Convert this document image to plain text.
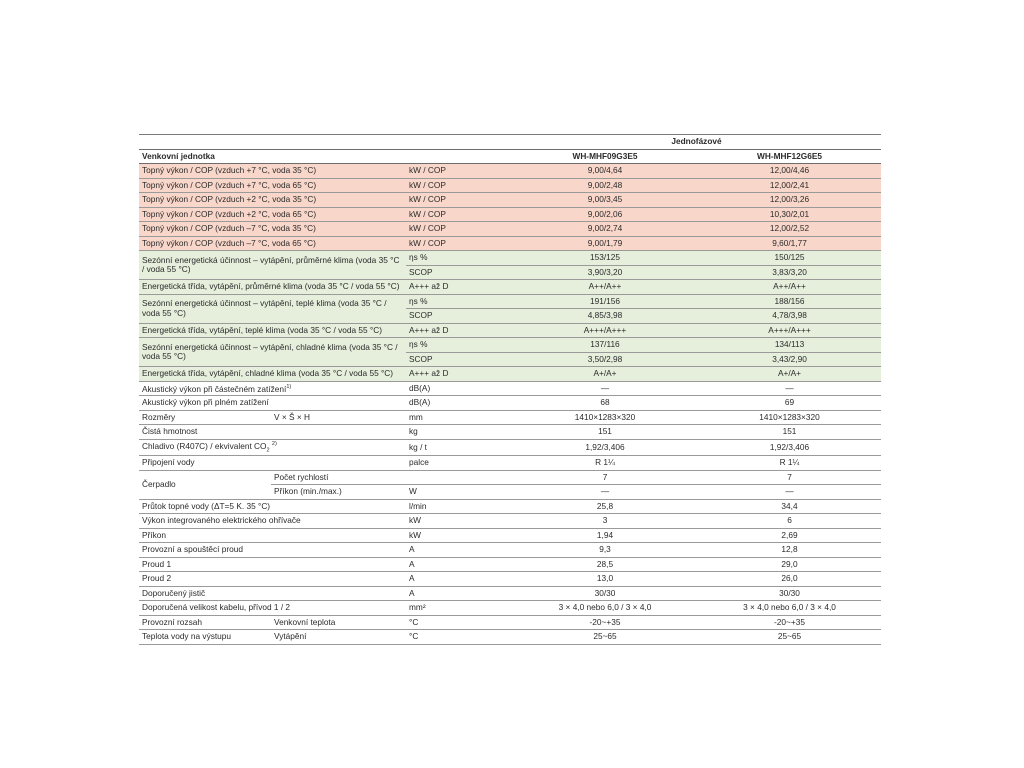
			Jednofázové	
Venkovní jednotka			WH-MHF09G3E5	WH-MHF12G6E5
Topný výkon / COP (vzduch +7 °C, voda 35 °C)		kW / COP	9,00/4,64	12,00/4,46
Topný výkon / COP (vzduch +7 °C, voda 65 °C)		kW / COP	9,00/2,48	12,00/2,41
Topný výkon / COP (vzduch +2 °C, voda 35 °C)		kW / COP	9,00/3,45	12,00/3,26
Topný výkon / COP (vzduch +2 °C, voda 65 °C)		kW / COP	9,00/2,06	10,30/2,01
Topný výkon / COP (vzduch –7 °C, voda 35 °C)		kW / COP	9,00/2,74	12,00/2,52
Topný výkon / COP (vzduch –7 °C, voda 65 °C)		kW / COP	9,00/1,79	9,60/1,77
Sezónní energetická účinnost – vytápění, průměrné klima (voda 35 °C / voda 55 °C)		ηs %	153/125	150/125
		SCOP	3,90/3,20	3,83/3,20
Energetická třída, vytápění, průměrné klima (voda 35 °C / voda 55 °C)		A+++ až D	A++/A++	A++/A++
Sezónní energetická účinnost – vytápění, teplé klima (voda 35 °C / voda 55 °C)		ηs %	191/156	188/156
		SCOP	4,85/3,98	4,78/3,98
Energetická třída, vytápění, teplé klima (voda 35 °C / voda 55 °C)		A+++ až D	A+++/A+++	A+++/A+++
Sezónní energetická účinnost – vytápění, chladné klima (voda 35 °C / voda 55 °C)		ηs %	137/116	134/113
		SCOP	3,50/2,98	3,43/2,90
Energetická třída, vytápění, chladné klima (voda 35 °C / voda 55 °C)		A+++ až D	A+/A+	A+/A+
Akustický výkon při částečném zatížení$^{1)}$		dB(A)	—	—
Akustický výkon při plném zatížení		dB(A)	68	69
Rozměry	V × Š × H	mm	1410×1283×320	1410×1283×320
Čistá hmotnost		kg	151	151
Chladivo (R407C) / ekvivalent $CO_2$ $^{2)}$		kg / t	1,92/3,406	1,92/3,406
Připojení vody		palce	R 1¼	R 1¼
Čerpadlo	Počet rychlostí		7	7
	Příkon (min./max.)	W	—	—
Průtok topné vody (ΔT=5 K. 35 °C)		l/min	25,8	34,4
Výkon integrovaného elektrického ohřívače		kW	3	6
Příkon		kW	1,94	2,69
Provozní a spouštěcí proud		A	9,3	12,8
Proud 1		A	28,5	29,0
Proud 2		A	13,0	26,0
Doporučený jistič		A	30/30	30/30
Doporučená velikost kabelu, přívod 1 / 2		mm²	3 × 4,0 nebo 6,0 / 3 × 4,0	3 × 4,0 nebo 6,0 / 3 × 4,0
Provozní rozsah	Venkovní teplota	°C	-20~+35	-20~+35
Teplota vody na výstupu	Vytápění	°C	25~65	25~65
